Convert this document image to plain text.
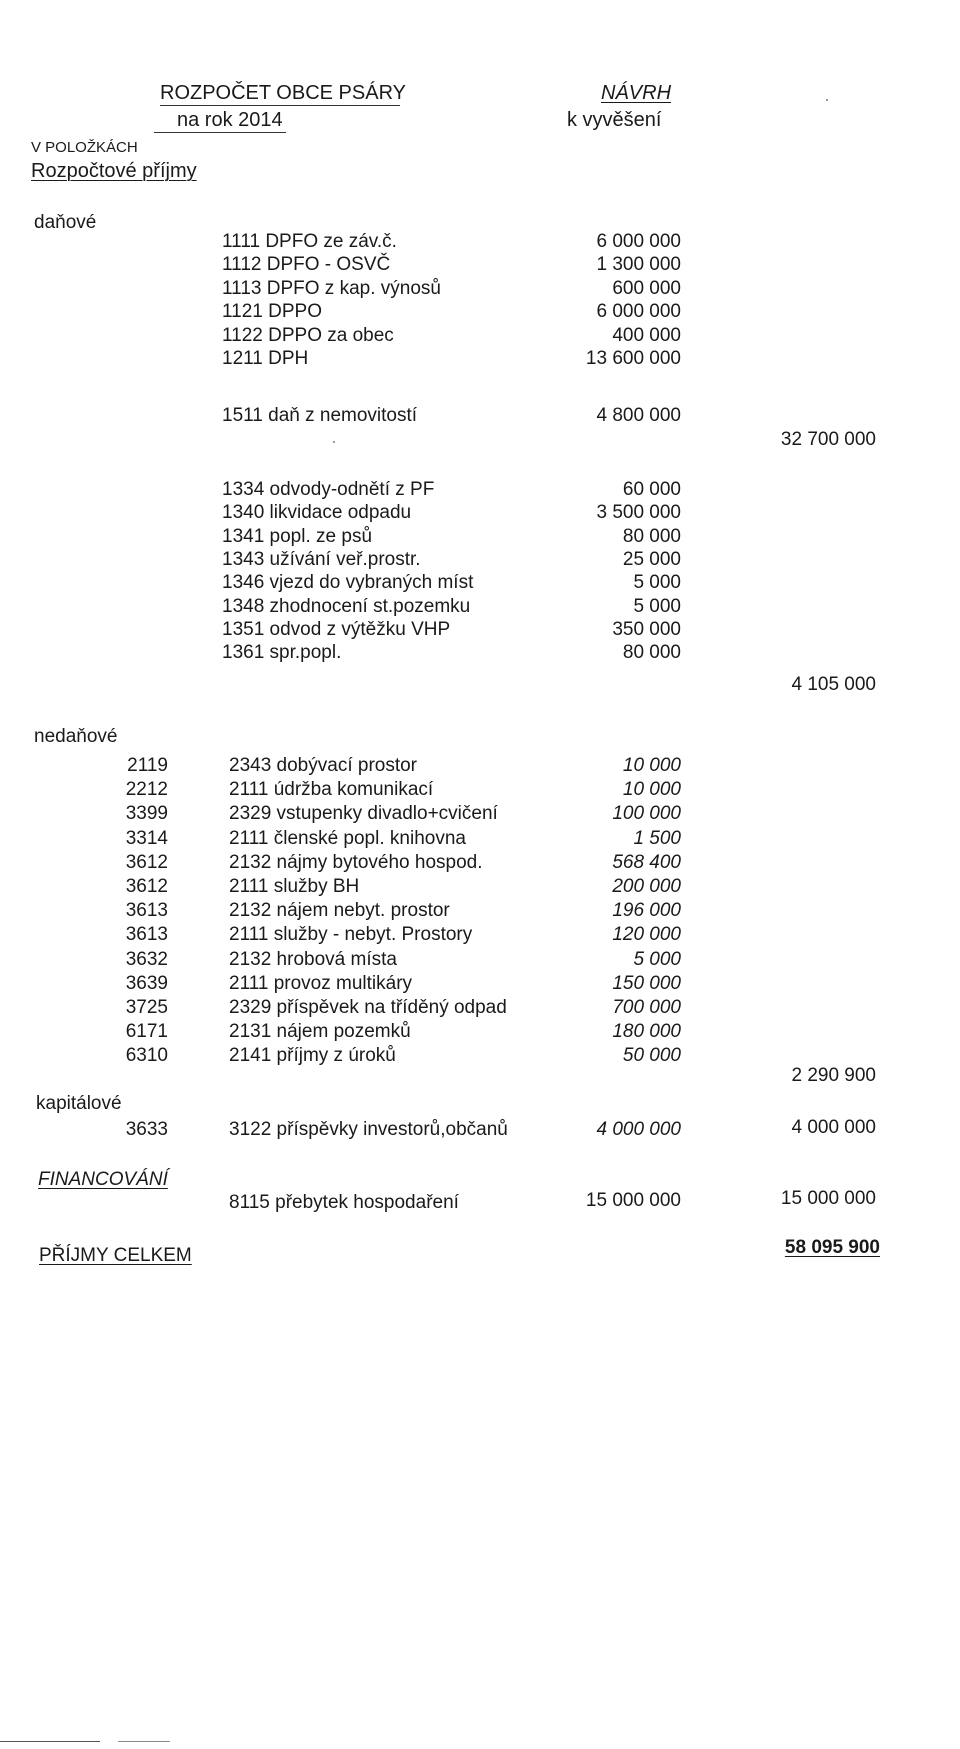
ROZPOČET OBCE PSÁRY
na rok 2014
NÁVRH
k vyvěšení
V POLOŽKÁCH
Rozpočtové příjmy
daňové
1111 DPFO ze záv.č.	6 000 000
1112 DPFO - OSVČ	1 300 000
1113 DPFO z kap. výnosů	600 000
1121 DPPO	6 000 000
1122 DPPO za obec	400 000
1211 DPH	13 600 000
1511 daň z nemovitostí	4 800 000
32 700 000
1334 odvody-odnětí z PF	60 000
1340 likvidace odpadu	3 500 000
1341 popl. ze psů	80 000
1343 užívání veř.prostr.	25 000
1346 vjezd do vybraných míst	5 000
1348 zhodnocení st.pozemku	5 000
1351 odvod z výtěžku VHP	350 000
1361 spr.popl.	80 000
4 105 000
nedaňové
2119	2343 dobývací prostor	10 000
2212	2111 údržba komunikací	10 000
3399	2329 vstupenky divadlo+cvičení	100 000
3314	2111 členské popl. knihovna	1 500
3612	2132 nájmy bytového hospod.	568 400
3612	2111 služby BH	200 000
3613	2132 nájem nebyt. prostor	196 000
3613	2111 služby - nebyt. Prostory	120 000
3632	2132 hrobová místa	5 000
3639	2111 provoz multikáry	150 000
3725	2329 příspěvek na tříděný odpad	700 000
6171	2131 nájem pozemků	180 000
6310	2141 příjmy z úroků	50 000
2 290 900
kapitálové
3633	3122 příspěvky investorů,občanů	4 000 000	4 000 000
FINANCOVÁNÍ
8115 přebytek hospodaření	15 000 000	15 000 000
PŘÍJMY CELKEM	58 095 900
